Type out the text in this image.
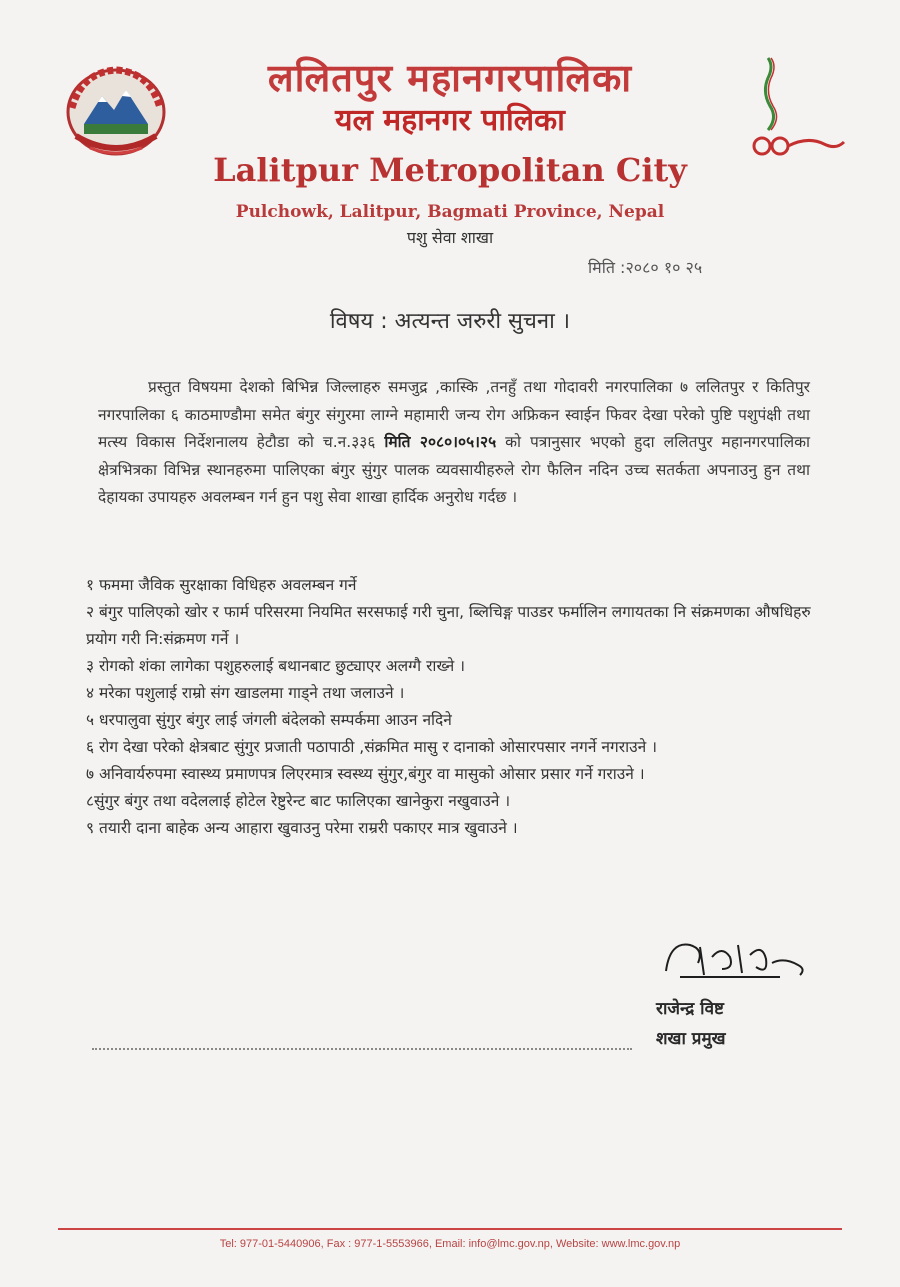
ललितपुर महानगरपालिका
यल महानगर पालिका
Lalitpur Metropolitan City
Pulchowk, Lalitpur, Bagmati Province, Nepal
पशु सेवा शाखा
मिति :२०८० १० २५
विषय : अत्यन्त जरुरी सुचना ।

प्रस्तुत विषयमा देशको बिभिन्न जिल्लाहरु समजुद्र ,कास्कि ,तनहुँ तथा गोदावरी नगरपालिका ७ ललितपुर र कितिपुर नगरपालिका ६ काठमाण्डौमा समेत बंगुर संगुरमा लाग्ने महामारी जन्य रोग अफ्रिकन स्वाईन फिवर देखा परेको पुष्टि पशुपंक्षी तथा मत्स्य विकास निर्देशनालय हेटौडा को च.न.३३६ मिति २०८०।०५।२५ को पत्रानुसार भएको हुदा ललितपुर महानगरपालिका क्षेत्रभित्रका विभिन्न स्थानहरुमा पालिएका बंगुर सुंगुर पालक व्यवसायीहरुले रोग फैलिन नदिन उच्च सतर्कता अपनाउनु हुन तथा देहायका उपायहरु अवलम्बन गर्न हुन पशु सेवा शाखा हार्दिक अनुरोध गर्दछ ।

१ फममा जैविक सुरक्षाका विधिहरु अवलम्बन गर्ने
२ बंगुर पालिएको खोर र फार्म परिसरमा नियमित सरसफाई गरी चुना, ब्लिचिङ्ग पाउडर फर्मालिन लगायतका नि संक्रमणका औषधिहरु प्रयोग गरी नि:संक्रमण गर्ने ।
३ रोगको शंका लागेका पशुहरुलाई बथानबाट छुट्याएर अलग्गै राख्ने ।
४ मरेका पशुलाई राम्रो संग खाडलमा गाड्ने तथा जलाउने ।
५ धरपालुवा सुंगुर बंगुर लाई जंगली बंदेलको सम्पर्कमा आउन नदिने
६ रोग देखा परेको क्षेत्रबाट सुंगुर प्रजाती पठापाठी ,संक्रमित मासु र दानाको ओसारपसार नगर्ने नगराउने ।
७ अनिवार्यरुपमा स्वास्थ्य प्रमाणपत्र लिएरमात्र स्वस्थ्य सुंगुर,बंगुर वा मासुको ओसार प्रसार गर्ने गराउने ।
८सुंगुर बंगुर तथा वदेललाई होटेल रेष्टुरेन्ट बाट फालिएका खानेकुरा नखुवाउने ।
९ तयारी दाना बाहेक अन्य आहारा खुवाउनु परेमा राम्ररी पकाएर मात्र खुवाउने ।
राजेन्द्र विष्ट
शखा प्रमुख
Tel: 977-01-5440906, Fax : 977-1-5553966, Email: info@lmc.gov.np, Website: www.lmc.gov.np
